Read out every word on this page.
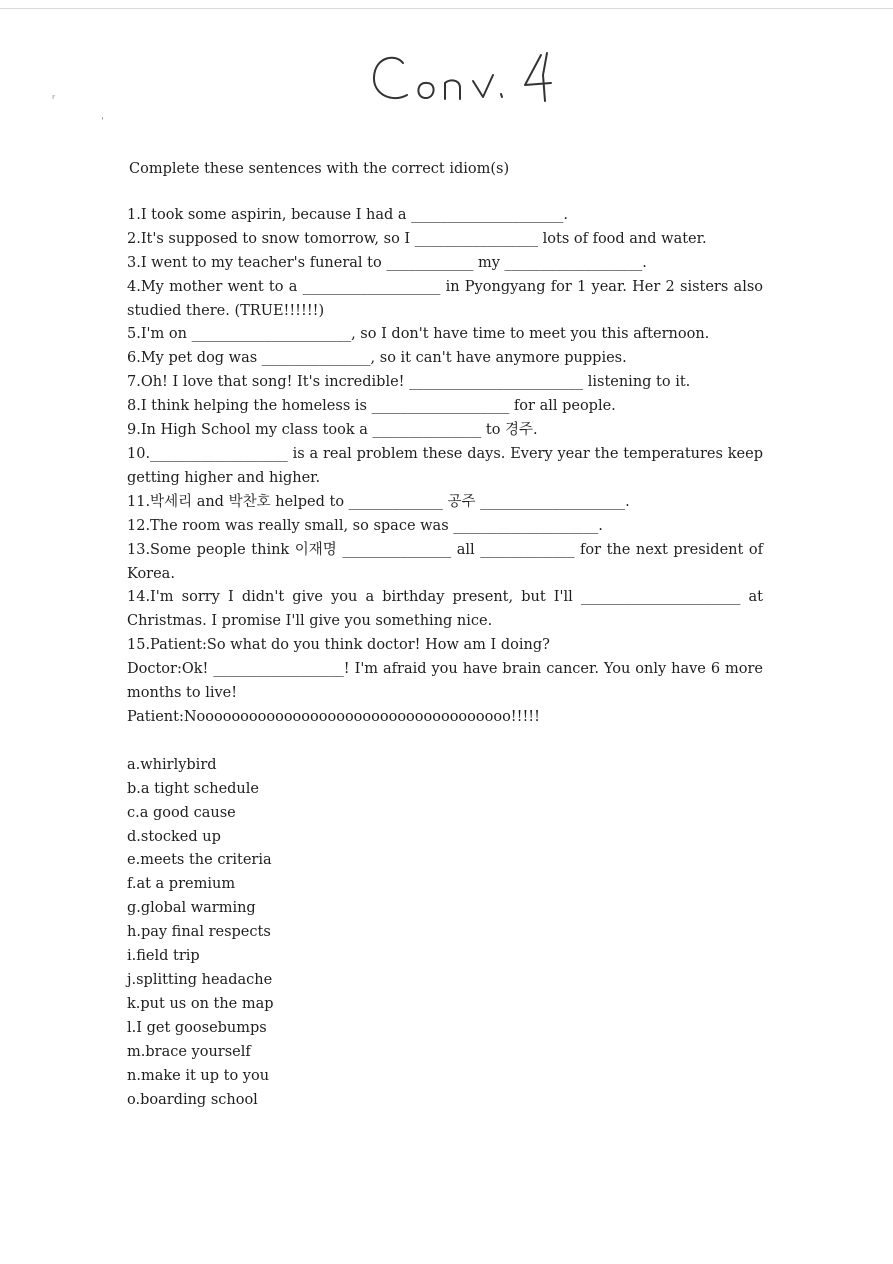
ʳ
ˌ
Complete these sentences with the correct idiom(s)
1.I took some aspirin, because I had a _____________________.
2.It's supposed to snow tomorrow, so I _________________ lots of food and water.
3.I went to my teacher's funeral to ____________ my ___________________.
4.My mother went to a ___________________ in Pyongyang for 1 year. Her 2 sisters also studied there. (TRUE!!!!!!)
5.I'm on ______________________, so I don't have time to meet you this afternoon.
6.My pet dog was _______________, so it can't have anymore puppies.
7.Oh! I love that song! It's incredible! ________________________ listening to it.
8.I think helping the homeless is ___________________ for all people.
9.In High School my class took a _______________ to 경주.
10.___________________ is a real problem these days. Every year the temperatures keep getting higher and higher.
11.박세리 and 박찬호 helped to _____________ 공주 ____________________.
12.The room was really small, so space was ____________________.
13.Some people think 이재명 _______________ all _____________ for the next president of Korea.
14.I'm sorry I didn't give you a birthday present, but I'll ______________________ at Christmas. I promise I'll give you something nice.
15.Patient:So what do you think doctor! How am I doing?
Doctor:Ok! __________________! I'm afraid you have brain cancer. You only have 6 more months to live!
Patient:Noooooooooooooooooooooooooooooooooooo!!!!!
a.whirlybird
b.a tight schedule
c.a good cause
d.stocked up
e.meets the criteria
f.at a premium
g.global warming
h.pay final respects
i.field trip
j.splitting headache
k.put us on the map
l.I get goosebumps
m.brace yourself
n.make it up to you
o.boarding school
